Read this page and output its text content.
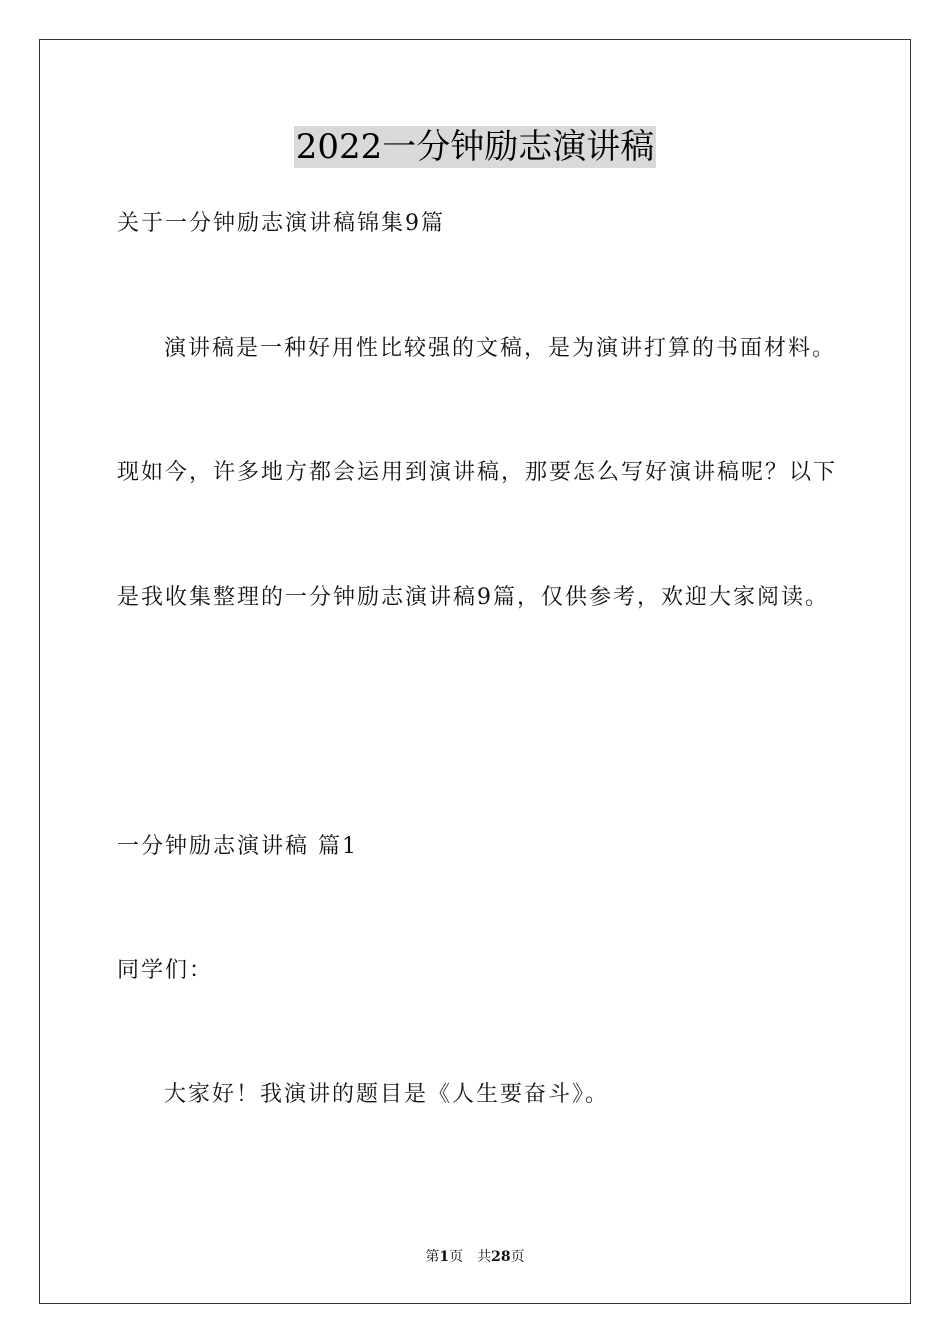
2022一分钟励志演讲稿
关于一分钟励志演讲稿锦集9篇
演讲稿是一种好用性比较强的文稿，是为演讲打算的书面材料。
现如今，许多地方都会运用到演讲稿，那要怎么写好演讲稿呢？以下
是我收集整理的一分钟励志演讲稿9篇，仅供参考，欢迎大家阅读。
一分钟励志演讲稿 篇1
同学们：
大家好！我演讲的题目是《人生要奋斗》。
第1页 共28页
